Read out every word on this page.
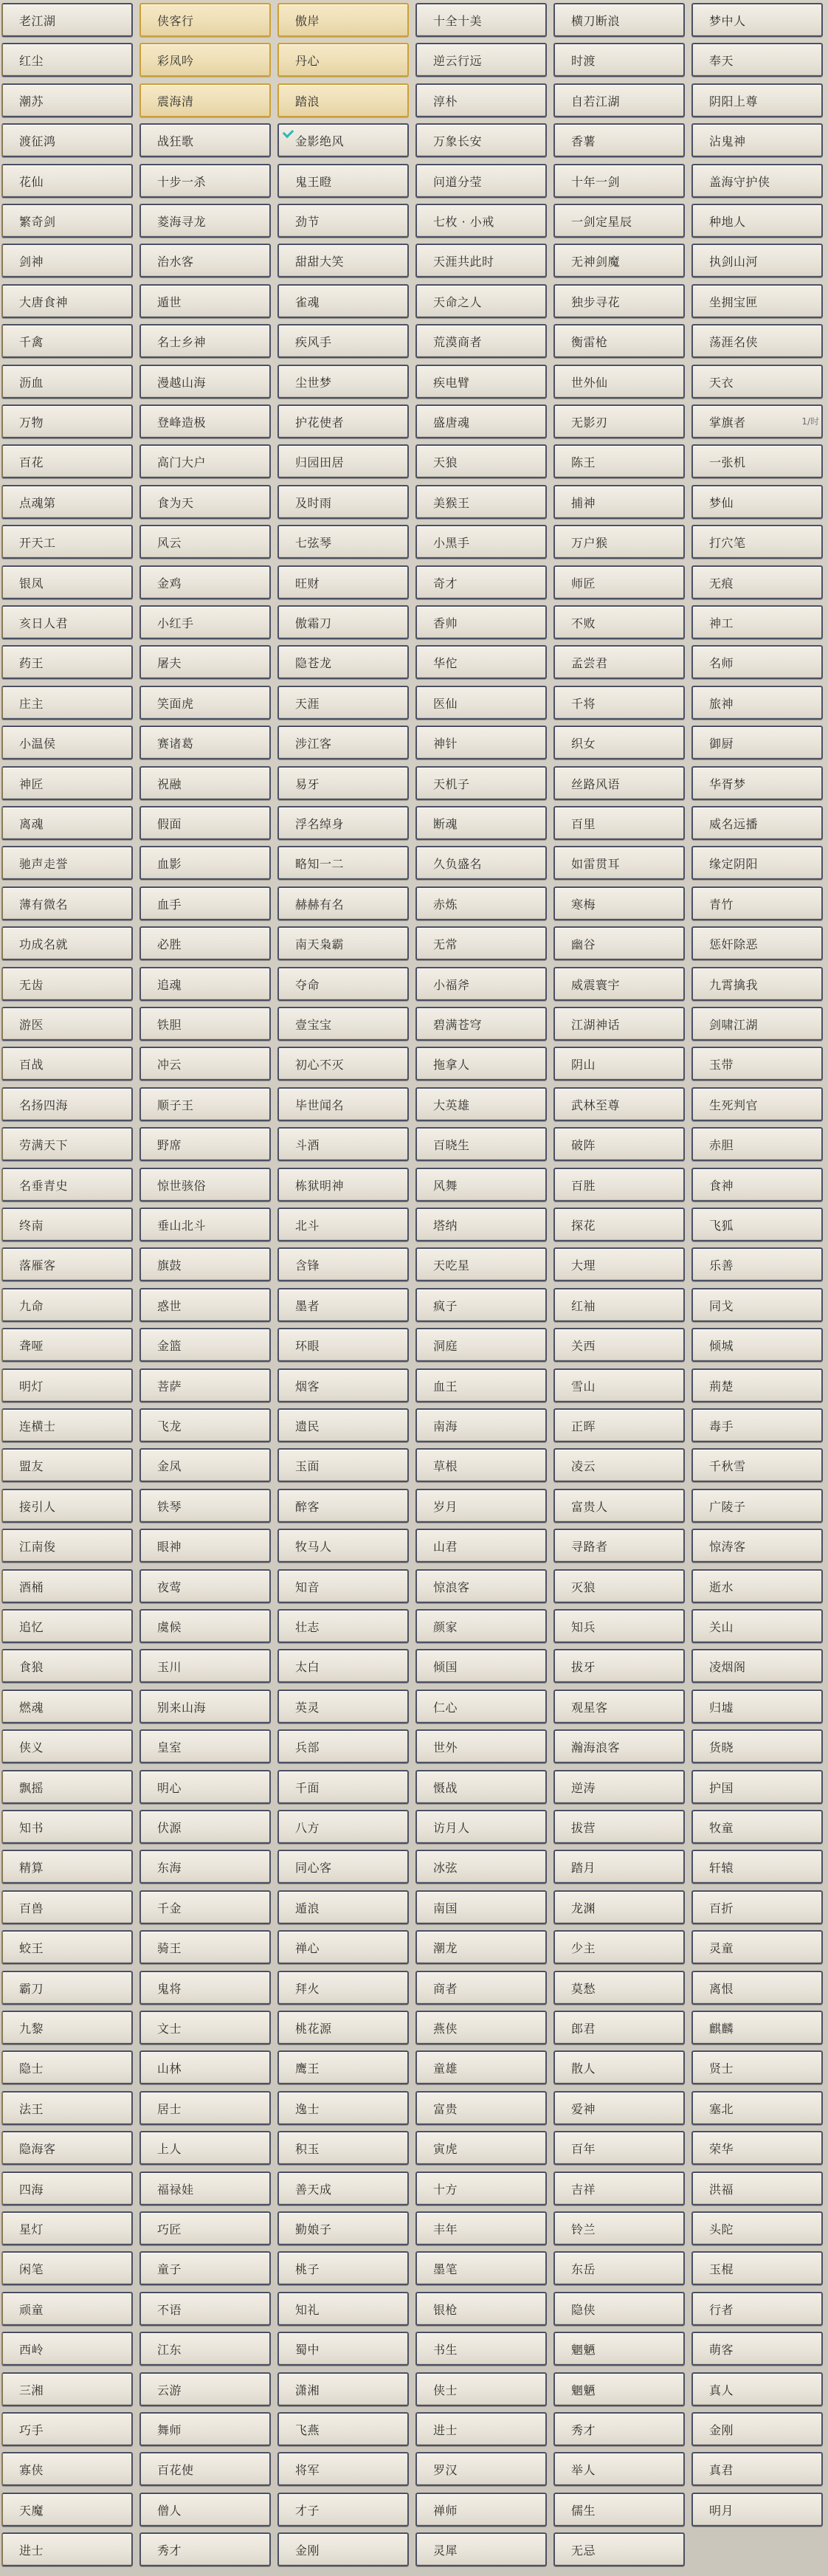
老江湖	侠客行	傲岸	十全十美	横刀断浪	梦中人
红尘	彩凤吟	丹心	逆云行远	时渡	奉天
潮苏	震海清	踏浪	淳朴	自若江湖	阴阳上尊
渡征鸿	战狂歌	金影绝风	万象长安	香薯	沾鬼神
花仙	十步一杀	鬼王瞪	问道分莹	十年一剑	盖海守护侠
繁奇剑	菱海寻龙	劲节	七枚 · 小戒	一剑定星辰	种地人
剑神	治水客	甜甜大笑	天涯共此时	无神剑魔	执剑山河
大唐食神	遁世	雀魂	天命之人	独步寻花	坐拥宝匣
千禽	名士乡神	疾风手	荒漠商者	衡雷枪	荡涯名侠
沥血	漫越山海	尘世梦	疾电臂	世外仙	天衣
万物	登峰造极	护花使者	盛唐魂	无影刃	掌旗者
百花	高门大户	归园田居	天狼	陈王	一张机
点魂第	食为天	及时雨	美猴王	捕神	梦仙
开天工	风云	七弦琴	小黑手	万户猴	打穴笔
银凤	金鸡	旺财	奇才	师匠	无痕
亥日人君	小红手	傲霜刀	香帅	不败	神工
药王	屠夫	隐苍龙	华佗	孟尝君	名师
庄主	笑面虎	天涯	医仙	千将	旅神
小温侯	赛诸葛	涉江客	神针	织女	御厨
神匠	祝融	易牙	天机子	丝路风语	华胥梦
离魂	假面	浮名绰身	断魂	百里	威名远播
驰声走誉	血影	略知一二	久负盛名	如雷贯耳	缘定阴阳
薄有微名	血手	赫赫有名	赤炼	寒梅	青竹
功成名就	必胜	南天枭霸	无常	幽谷	惩奸除恶
无齿	追魂	夺命	小福斧	威震寰宇	九霄擒我
游医	铁胆	壹宝宝	碧满苍穹	江湖神话	剑啸江湖
百战	冲云	初心不灭	拖拿人	阴山	玉带
名扬四海	顺子王	毕世闻名	大英雄	武林至尊	生死判官
劳满天下	野席	斗酒	百晓生	破阵	赤胆
名垂青史	惊世骇俗	栋狱明神	风舞	百胜	食神
终南	垂山北斗	北斗	塔纳	探花	飞狐
落雁客	旗鼓	含锋	天吃星	大理	乐善
九命	惑世	墨者	疯子	红袖	同戈
聋哑	金篮	环眼	洞庭	关西	倾城
明灯	菩萨	烟客	血王	雪山	荊楚
连横士	飞龙	遗民	南海	正晖	毒手
盟友	金凤	玉面	草根	凌云	千秋雪
接引人	铁琴	醉客	岁月	富贵人	广陵子
江南俊	眼神	牧马人	山君	寻路者	惊涛客
酒桶	夜莺	知音	惊浪客	灭狼	逝水
追忆	虞候	壮志	颜家	知兵	关山
食狼	玉川	太白	倾国	拔牙	凌烟阁
燃魂	别来山海	英灵	仁心	观星客	归墟
侠义	皇室	兵部	世外	瀚海浪客	货晓
飘摇	明心	千面	慑战	逆涛	护国
知书	伏源	八方	访月人	拔营	牧童
精算	东海	同心客	冰弦	踏月	轩辕
百兽	千金	遁浪	南国	龙渊	百折
蛟王	骑王	禅心	潮龙	少主	灵童
霸刀	鬼将	拜火	商者	莫愁	离恨
九黎	文士	桃花源	燕侠	郎君	麒麟
隐士	山林	鹰王	童雄	散人	贤士
法王	居士	逸士	富贵	爱神	塞北
隐海客	上人	积玉	寅虎	百年	荣华
四海	福禄娃	善天成	十方	吉祥	洪福
星灯	巧匠	勤娘子	丰年	铃兰	头陀
闲笔	童子	桃子	墨笔	东岳	玉棍
顽童	不语	知礼	银枪	隐侠	行者
西岭	江东	蜀中	书生	魍魉	萌客
三湘	云游	潇湘	侠士	魍魉	真人
巧手	舞师	飞燕	进士	秀才	金刚
寡侠	百花使	将军	罗汉	举人	真君
天魔	僧人	才子	禅师	儒生	明月
进士	秀才	金刚	灵犀	无忌
1/时
